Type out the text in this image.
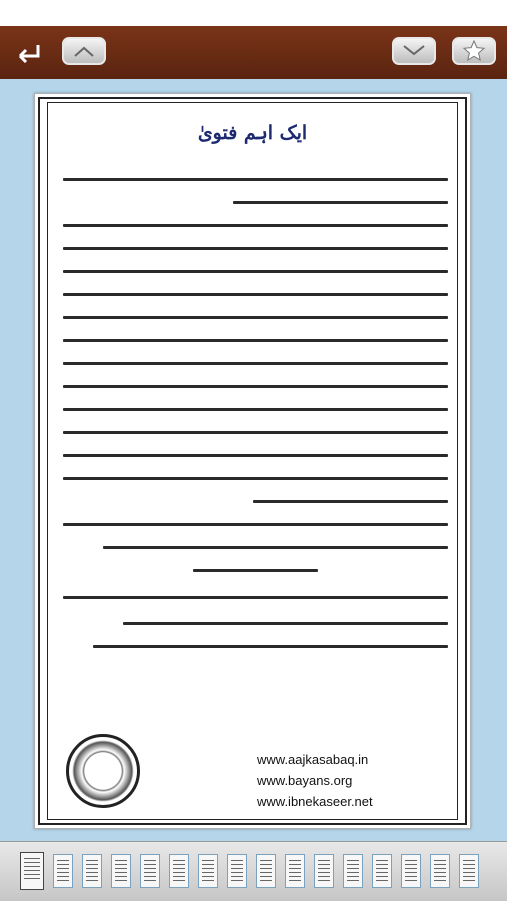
ایک اہم فتویٰ
www.aajkasabaq.in
www.bayans.org
www.ibnekaseer.net
